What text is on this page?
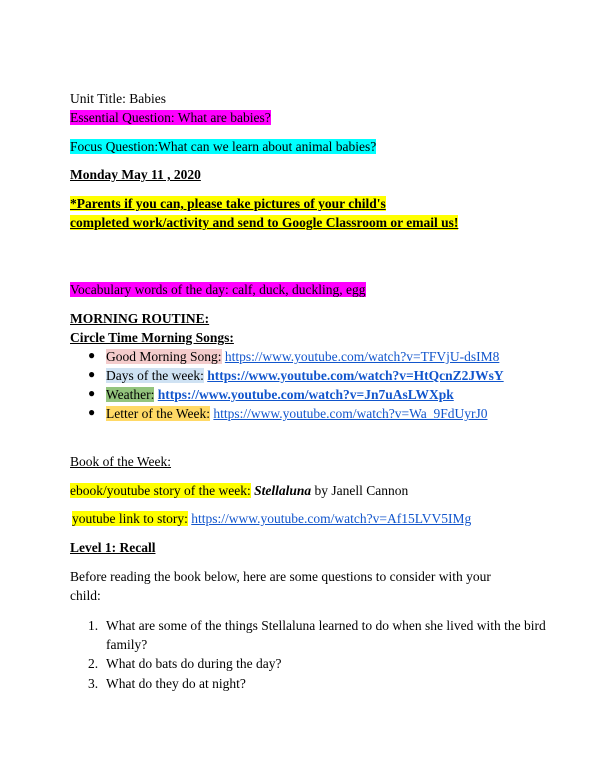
Unit Title: Babies
Essential Question: What are babies?
Focus Question:What can we learn about animal babies?
Monday May 11 , 2020
*Parents if you can, please take pictures of your child's
completed work/activity and send to Google Classroom or email us!
Vocabulary words of the day: calf, duck, duckling, egg
MORNING ROUTINE:
Circle Time Morning Songs:
● Good Morning Song: https://www.youtube.com/watch?v=TFVjU-dsIM8
● Days of the week: https://www.youtube.com/watch?v=HtQcnZ2JWsY
● Weather: https://www.youtube.com/watch?v=Jn7uAsLWXpk
● Letter of the Week: https://www.youtube.com/watch?v=Wa_9FdUyrJ0
Book of the Week:
ebook/youtube story of the week: Stellaluna by Janell Cannon
youtube link to story: https://www.youtube.com/watch?v=Af15LVV5IMg
Level 1: Recall
Before reading the book below, here are some questions to consider with your
child:
1. What are some of the things Stellaluna learned to do when she lived with the bird family?
2. What do bats do during the day?
3. What do they do at night?
